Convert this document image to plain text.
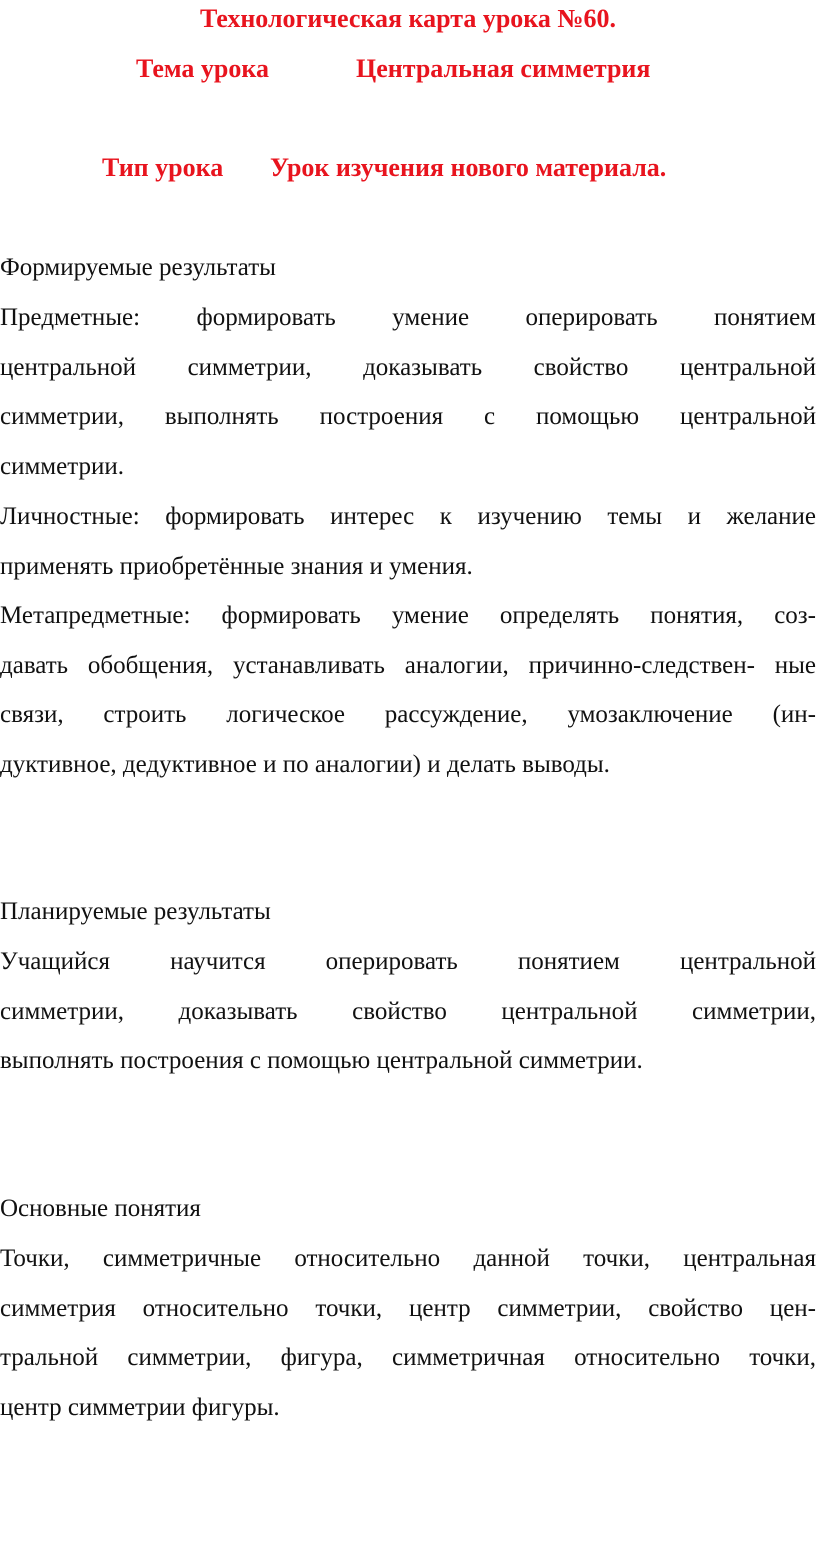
Технологическая карта урока №60.
Тема урока	Центральная симметрия
Тип урока Урок изучения нового материала.
Формируемые результаты

Предметные: формировать умение оперировать понятием
центральной симметрии, доказывать свойство центральной
симметрии, выполнять построения с помощью центральной
симметрии.

Личностные: формировать интерес к изучению темы и желание
применять приобретённые знания и умения.

Метапредметные: формировать умение определять понятия, соз-
давать обобщения, устанавливать аналогии, причинно-следствен- ные
связи, строить логическое рассуждение, умозаключение (ин-
дуктивное, дедуктивное и по аналогии) и делать выводы.

Планируемые результаты

Учащийся научится оперировать понятием центральной
симметрии, доказывать свойство центральной симметрии,
выполнять построения с помощью центральной симметрии.

Основные понятия

Точки, симметричные относительно данной точки, центральная
симметрия относительно точки, центр симметрии, свойство цен-
тральной симметрии, фигура, симметричная относительно точки,
центр симметрии фигуры.
